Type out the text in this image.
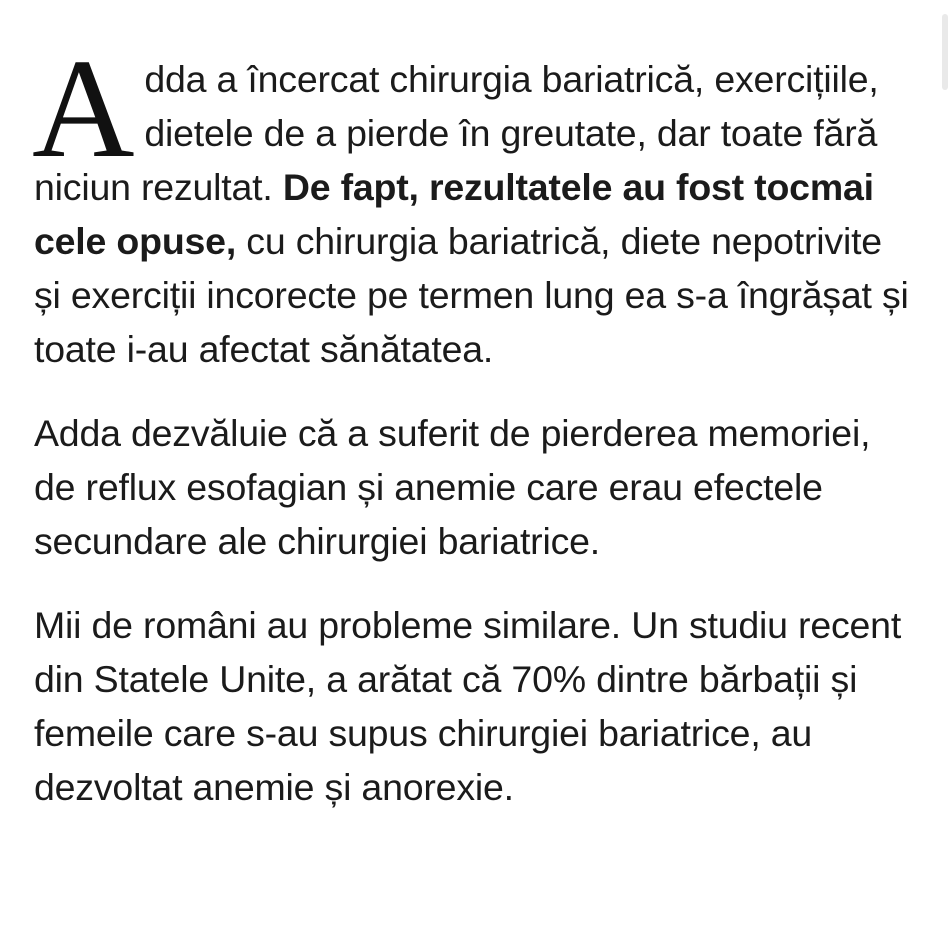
Adda a încercat chirurgia bariatrică, exercițiile, dietele de a pierde în greutate, dar toate fără niciun rezultat. De fapt, rezultatele au fost tocmai cele opuse, cu chirurgia bariatrică, diete nepotrivite și exerciții incorecte pe termen lung ea s-a îngrășat și toate i-au afectat sănătatea.

Adda dezvăluie că a suferit de pierderea memoriei, de reflux esofagian și anemie care erau efectele secundare ale chirurgiei bariatrice.

Mii de români au probleme similare. Un studiu recent din Statele Unite, a arătat că 70% dintre bărbații și femeile care s-au supus chirurgiei bariatrice, au dezvoltat anemie și anorexie.
